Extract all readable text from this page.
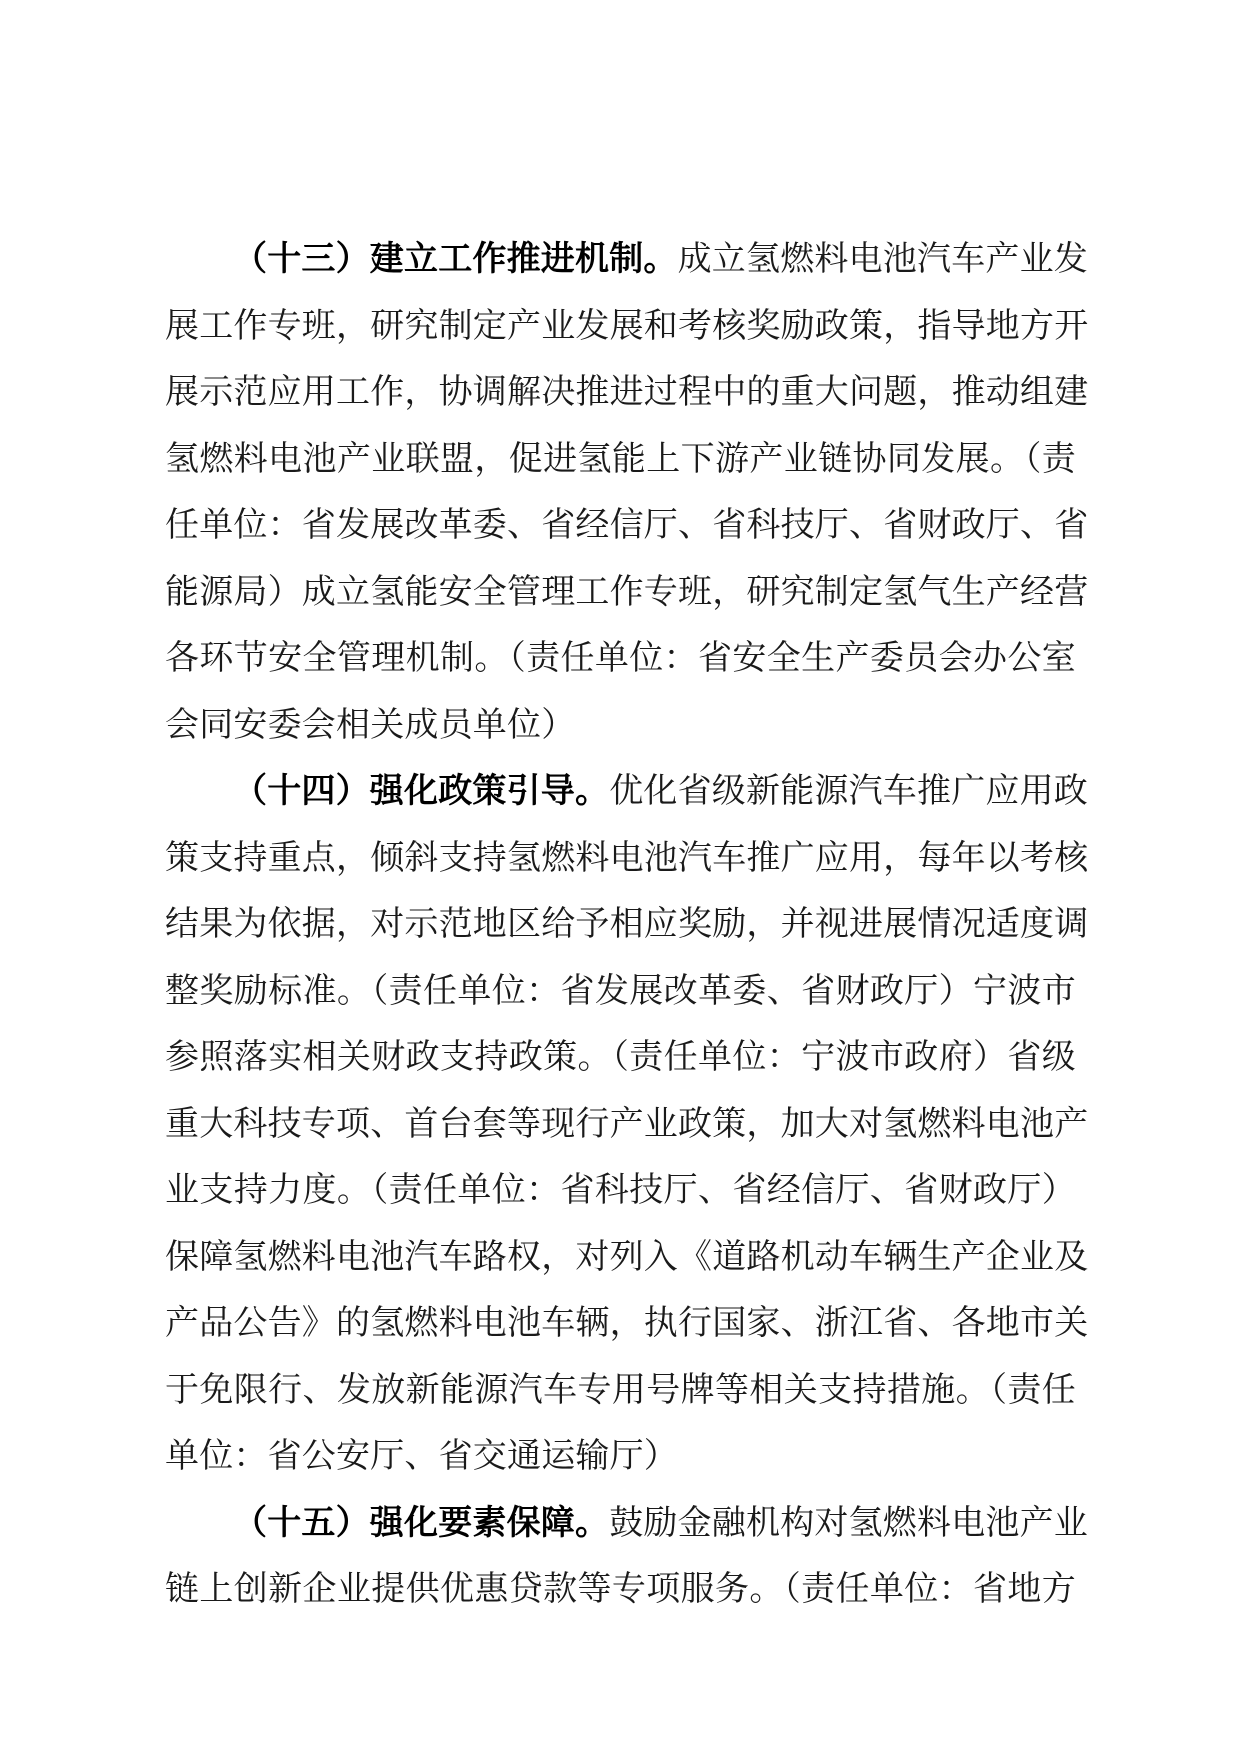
（十三）建立工作推进机制。成立氢燃料电池汽车产业发
展工作专班，研究制定产业发展和考核奖励政策，指导地方开
展示范应用工作，协调解决推进过程中的重大问题，推动组建
氢燃料电池产业联盟，促进氢能上下游产业链协同发展。（责
任单位：省发展改革委、省经信厅、省科技厅、省财政厅、省
能源局）成立氢能安全管理工作专班，研究制定氢气生产经营
各环节安全管理机制。（责任单位：省安全生产委员会办公室
会同安委会相关成员单位）

（十四）强化政策引导。优化省级新能源汽车推广应用政
策支持重点，倾斜支持氢燃料电池汽车推广应用，每年以考核
结果为依据，对示范地区给予相应奖励，并视进展情况适度调
整奖励标准。（责任单位：省发展改革委、省财政厅）宁波市
参照落实相关财政支持政策。（责任单位：宁波市政府）省级
重大科技专项、首台套等现行产业政策，加大对氢燃料电池产
业支持力度。（责任单位：省科技厅、省经信厅、省财政厅）
保障氢燃料电池汽车路权，对列入《道路机动车辆生产企业及
产品公告》的氢燃料电池车辆，执行国家、浙江省、各地市关
于免限行、发放新能源汽车专用号牌等相关支持措施。（责任
单位：省公安厅、省交通运输厅）

（十五）强化要素保障。鼓励金融机构对氢燃料电池产业
链上创新企业提供优惠贷款等专项服务。（责任单位：省地方
